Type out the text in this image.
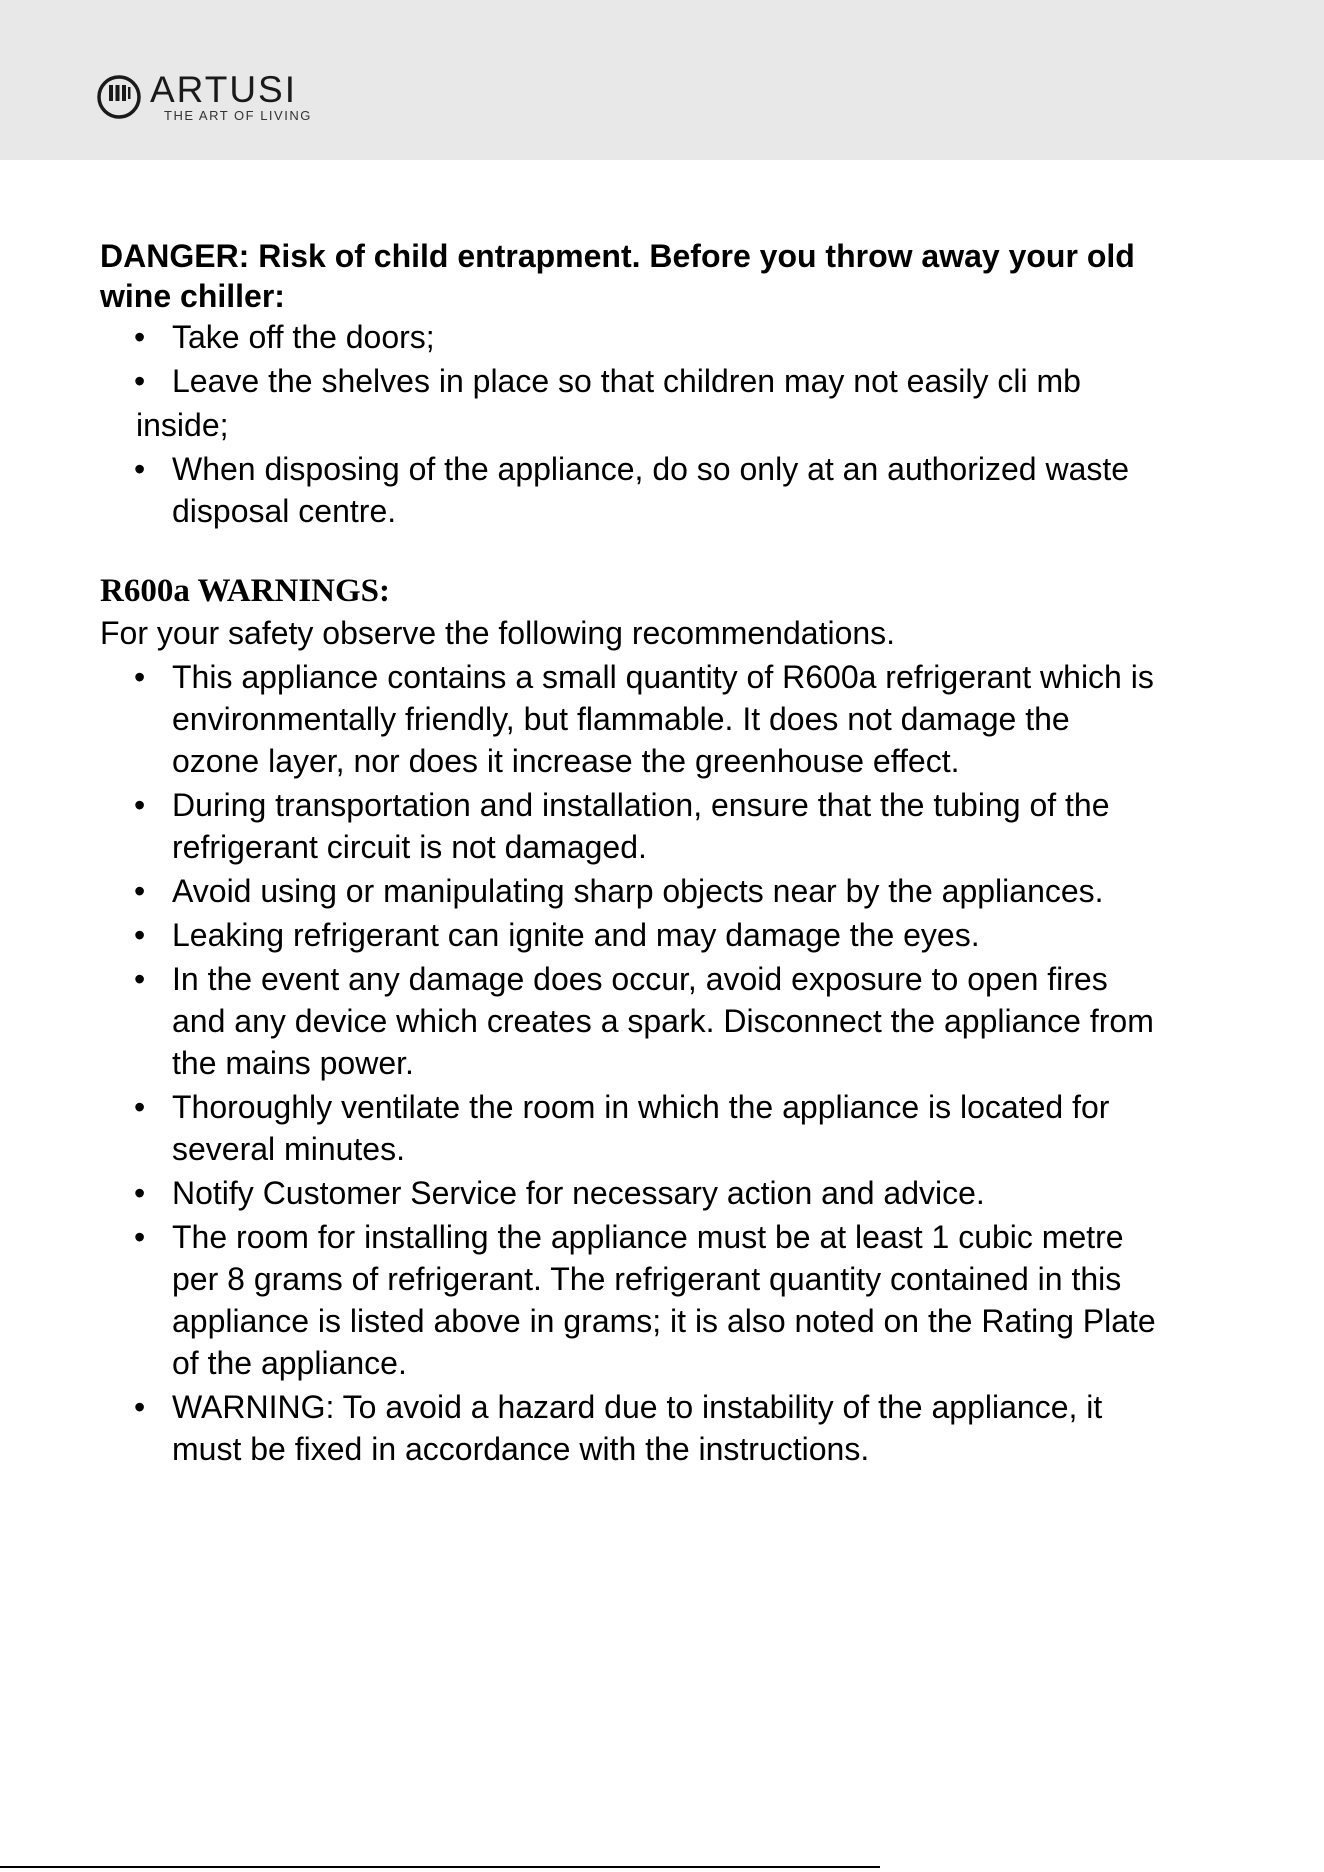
ARTUSI
THE ART OF LIVING

DANGER: Risk of child entrapment. Before you throw away your old wine chiller:

• Take off the doors;
• Leave the shelves in place so that children may not easily cli mb
inside;
• When disposing of the appliance, do so only at an authorized waste disposal centre.

R600a WARNINGS:

For your safety observe the following recommendations.

• This appliance contains a small quantity of R600a refrigerant which is environmentally friendly, but flammable. It does not damage the ozone layer, nor does it increase the greenhouse effect.
• During transportation and installation, ensure that the tubing of the refrigerant circuit is not damaged.
• Avoid using or manipulating sharp objects near by the appliances.
• Leaking refrigerant can ignite and may damage the eyes.
• In the event any damage does occur, avoid exposure to open fires and any device which creates a spark. Disconnect the appliance from the mains power.
• Thoroughly ventilate the room in which the appliance is located for several minutes.
• Notify Customer Service for necessary action and advice.
• The room for installing the appliance must be at least 1 cubic metre per 8 grams of refrigerant. The refrigerant quantity contained in this appliance is listed above in grams; it is also noted on the Rating Plate of the appliance.
• WARNING: To avoid a hazard due to instability of the appliance, it must be fixed in accordance with the instructions.
